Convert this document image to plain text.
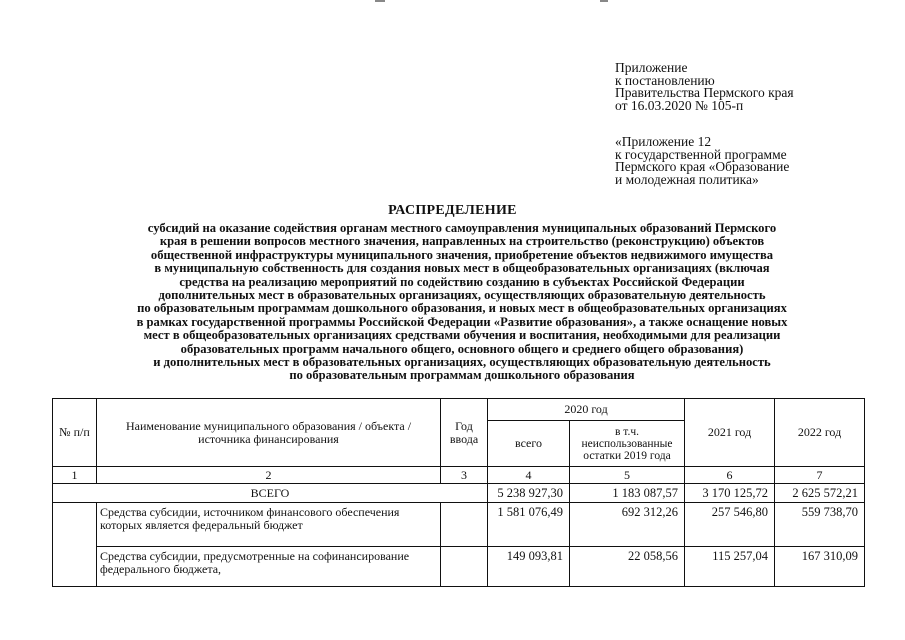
Приложение
к постановлению
Правительства Пермского края
от 16.03.2020 № 105-п
«Приложение 12
к государственной программе
Пермского края «Образование
и молодежная политика»
РАСПРЕДЕЛЕНИЕ
субсидий на оказание содействия органам местного самоуправления муниципальных образований Пермского
края в решении вопросов местного значения, направленных на строительство (реконструкцию) объектов
общественной инфраструктуры муниципального значения, приобретение объектов недвижимого имущества
в муниципальную собственность для создания новых мест в общеобразовательных организациях (включая
средства на реализацию мероприятий по содействию созданию в субъектах Российской Федерации
дополнительных мест в образовательных организациях, осуществляющих образовательную деятельность
по образовательным программам дошкольного образования, и новых мест в общеобразовательных организациях
в рамках государственной программы Российской Федерации «Развитие образования», а также оснащение новых
мест в общеобразовательных организациях средствами обучения и воспитания, необходимыми для реализации
образовательных программ начального общего, основного общего и среднего общего образования)
и дополнительных мест в образовательных организациях, осуществляющих образовательную деятельность
по образовательным программам дошкольного образования
№ п/п	Наименование муниципального образования / объекта / источника финансирования	Год ввода	2020 год		2021 год	2022 год
			всего	в т.ч. неиспользованные остатки 2019 года		
1	2	3	4	5	6	7
ВСЕГО			5 238 927,30	1 183 087,57	3 170 125,72	2 625 572,21
	Средства субсидии, источником финансового обеспечения которых является федеральный бюджет		1 581 076,49	692 312,26	257 546,80	559 738,70
	Средства субсидии, предусмотренные на софинансирование федерального бюджета,		149 093,81	22 058,56	115 257,04	167 310,09
